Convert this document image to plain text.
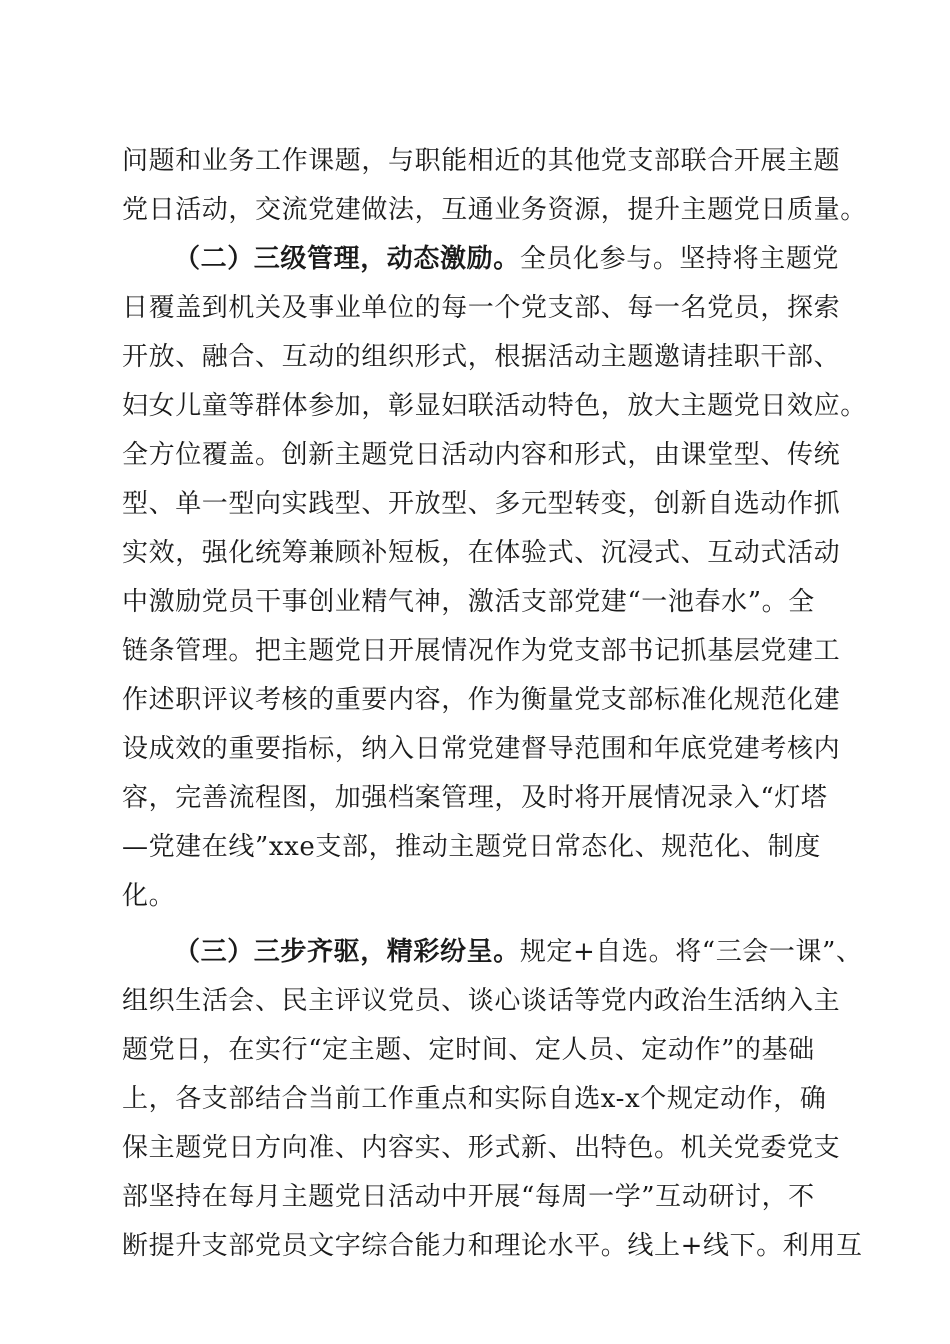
问题和业务工作课题，与职能相近的其他党支部联合开展主题
党日活动，交流党建做法，互通业务资源，提升主题党日质量。
（二）三级管理，动态激励。全员化参与。坚持将主题党
日覆盖到机关及事业单位的每一个党支部、每一名党员，探索
开放、融合、互动的组织形式，根据活动主题邀请挂职干部、
妇女儿童等群体参加，彰显妇联活动特色，放大主题党日效应。
全方位覆盖。创新主题党日活动内容和形式，由课堂型、传统
型、单一型向实践型、开放型、多元型转变，创新自选动作抓
实效，强化统筹兼顾补短板，在体验式、沉浸式、互动式活动
中激励党员干事创业精气神，激活支部党建“一池春水”。全
链条管理。把主题党日开展情况作为党支部书记抓基层党建工
作述职评议考核的重要内容，作为衡量党支部标准化规范化建
设成效的重要指标，纳入日常党建督导范围和年底党建考核内
容，完善流程图，加强档案管理，及时将开展情况录入“灯塔
—党建在线”xxe支部，推动主题党日常态化、规范化、制度
化。
（三）三步齐驱，精彩纷呈。规定+自选。将“三会一课”、
组织生活会、民主评议党员、谈心谈话等党内政治生活纳入主
题党日，在实行“定主题、定时间、定人员、定动作”的基础
上，各支部结合当前工作重点和实际自选x-x个规定动作，确
保主题党日方向准、内容实、形式新、出特色。机关党委党支
部坚持在每月主题党日活动中开展“每周一学”互动研讨，不
断提升支部党员文字综合能力和理论水平。线上+线下。利用互
